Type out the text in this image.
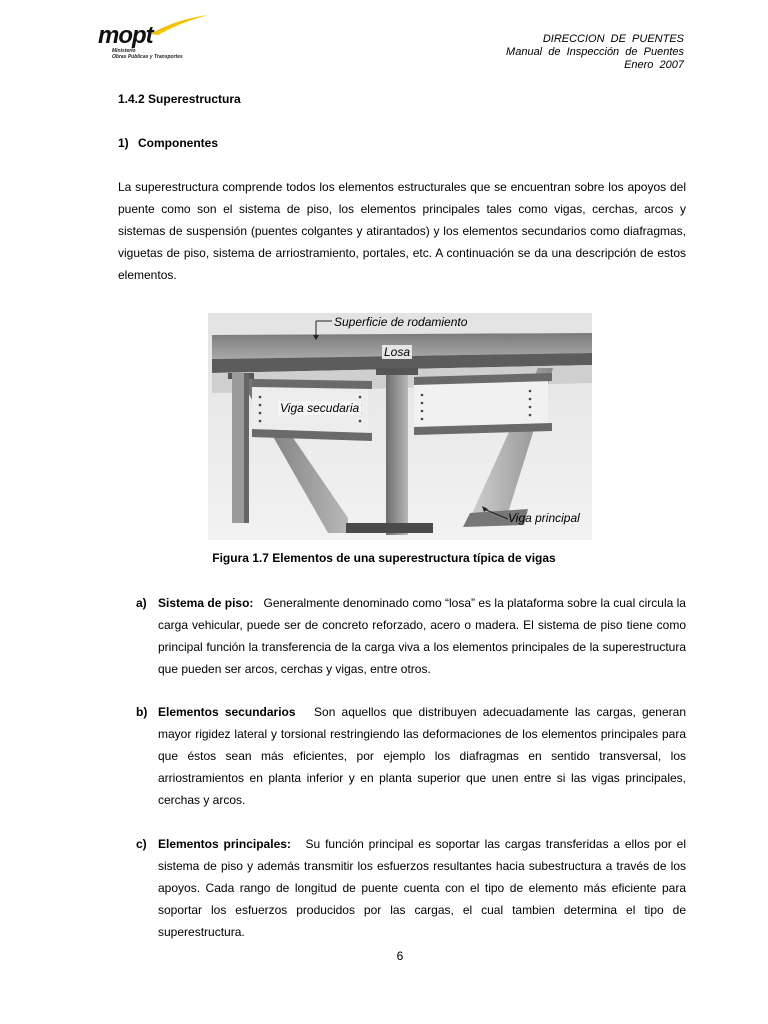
mopt
Ministerio
Obras Públicas y Transportes
DIRECCION  DE  PUENTES
Manual  de  Inspección  de  Puentes
Enero  2007
1.4.2 Superestructura
1) Componentes
La superestructura comprende todos los elementos estructurales que se encuentran sobre los apoyos del puente como son el sistema de piso, los elementos principales tales como vigas, cerchas, arcos y sistemas de suspensión (puentes colgantes y atirantados) y los elementos secundarios como diafragmas, viguetas de piso, sistema de arriostramiento, portales, etc. A continuación se da una descripción de estos elementos.
Superficie de rodamiento
Losa
Viga secudaria
Viga principal
Figura 1.7 Elementos de una superestructura típica de vigas
a) Sistema de piso: Generalmente denominado como “losa” es la plataforma sobre la cual circula la carga vehicular, puede ser de concreto reforzado, acero o madera. El sistema de piso tiene como principal función la transferencia de la carga viva a los elementos principales de la superestructura que pueden ser arcos, cerchas y vigas, entre otros.
b) Elementos secundarios Son aquellos que distribuyen adecuadamente las cargas, generan mayor rigidez lateral y torsional restringiendo las deformaciones de los elementos principales para que éstos sean más eficientes, por ejemplo los diafragmas en sentido transversal, los arriostramientos en planta inferior y en planta superior que unen entre si las vigas principales, cerchas y arcos.
c) Elementos principales: Su función principal es soportar las cargas transferidas a ellos por el sistema de piso y además transmitir los esfuerzos resultantes hacia subestructura a través de los apoyos. Cada rango de longitud de puente cuenta con el tipo de elemento más eficiente para soportar los esfuerzos producidos por las cargas, el cual tambien determina el tipo de superestructura.
6
